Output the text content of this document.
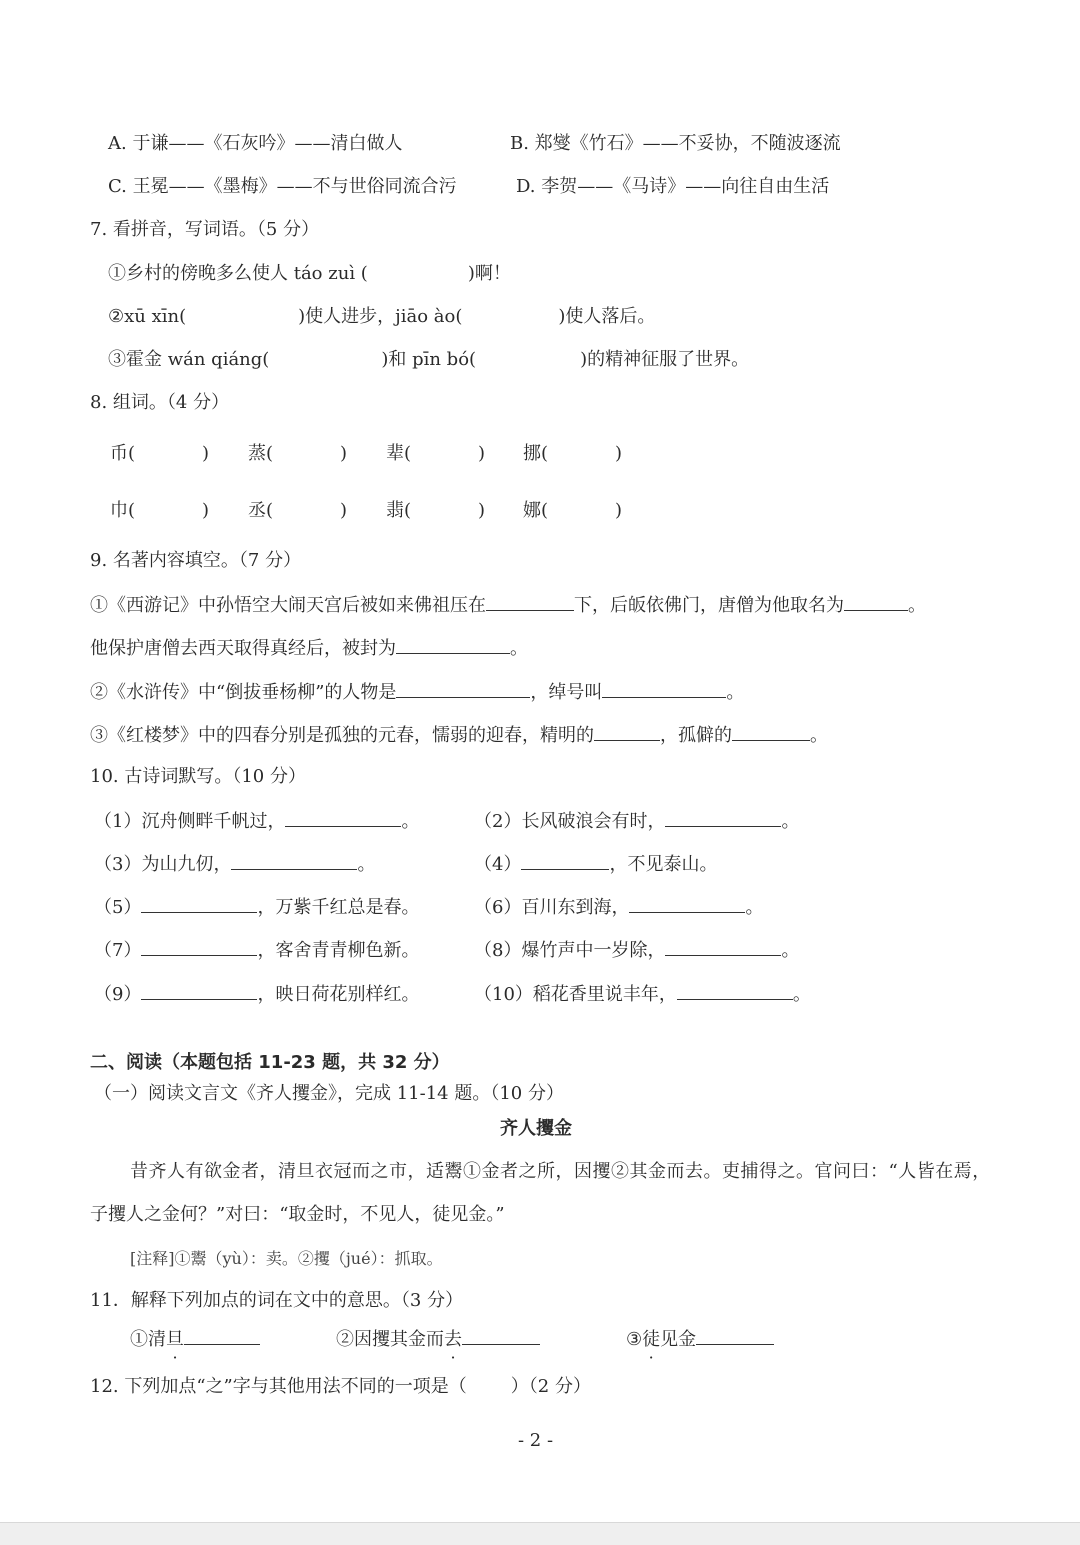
A. 于谦——《石灰吟》——清白做人	B. 郑燮《竹石》——不妥协，不随波逐流
C. 王冕——《墨梅》——不与世俗同流合污	D. 李贺——《马诗》——向往自由生活
7. 看拼音，写词语。（5 分）
①乡村的傍晚多么使人 táo zuì (	)啊！
②xū xīn(	)使人进步，jiāo ào(	)使人落后。
③霍金 wán qiáng(	)和 pīn bó(	)的精神征服了世界。
8. 组词。（4 分）
币(	) 蒸(	) 辈(	) 挪(	)
巾(	) 丞(	) 翡(	) 娜(	)
9. 名著内容填空。（7 分）
①《西游记》中孙悟空大闹天宫后被如来佛祖压在	下，后皈依佛门，唐僧为他取名为	。
他保护唐僧去西天取得真经后，被封为	。
②《水浒传》中“倒拔垂杨柳”的人物是	，绰号叫	。
③《红楼梦》中的四春分别是孤独的元春，懦弱的迎春，精明的	，孤僻的	。
10. 古诗词默写。（10 分）
（1）沉舟侧畔千帆过，	。	（2）长风破浪会有时，	。
（3）为山九仞，	。	（4）	，不见泰山。
（5）	，万紫千红总是春。	（6）百川东到海，	。
（7）	，客舍青青柳色新。	（8）爆竹声中一岁除，	。
（9）	，映日荷花别样红。	（10）稻花香里说丰年，	。
二、阅读（本题包括 11-23 题，共 32 分）
（一）阅读文言文《齐人攫金》，完成 11-14 题。（10 分）
齐人攫金
昔齐人有欲金者，清旦衣冠而之市，适鬻①金者之所，因攫②其金而去。吏捕得之。官问曰：“人皆在焉，
子攫人之金何？”对曰：“取金时，不见人，徒见金。”
[注释]①鬻（yù）：卖。②攫（jué）：抓取。
11．解释下列加点的词在文中的意思。（3 分）
①清旦	②因攫其金而去	③徒见金
12. 下列加点“之”字与其他用法不同的一项是（ ）（2 分）
- 2 -
